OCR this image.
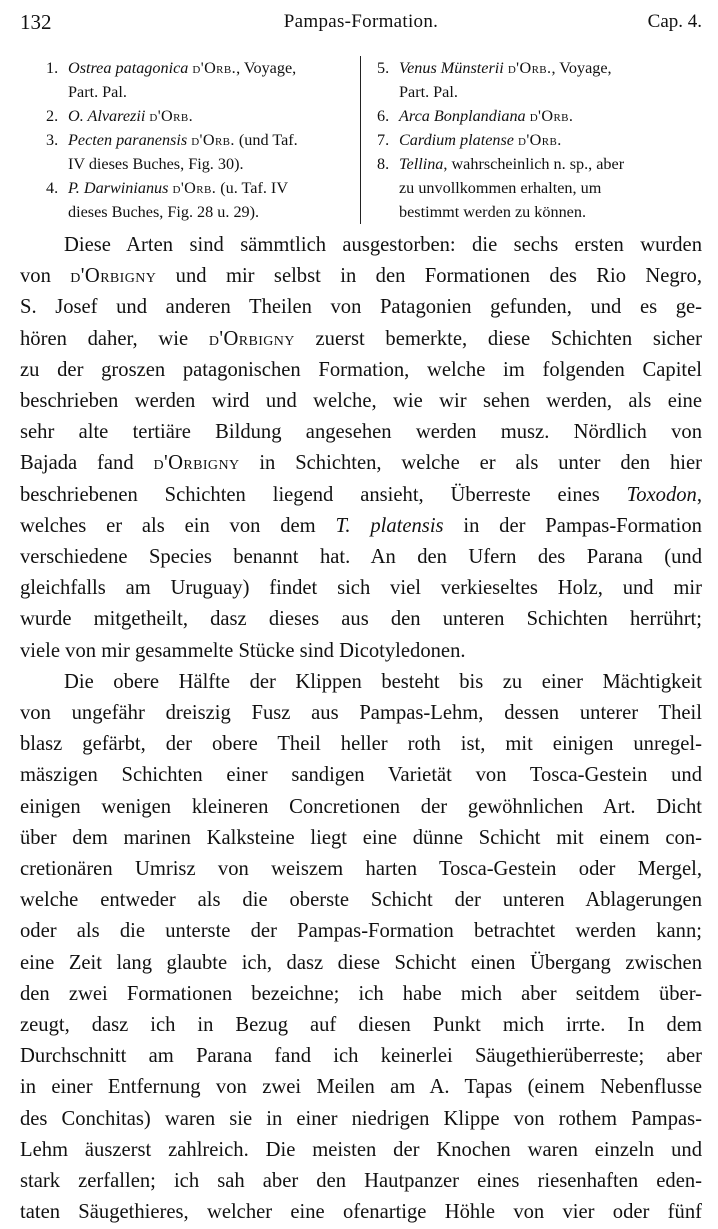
132	Pampas-Formation.	Cap. 4.
1. Ostrea patagonica d'Orb., Voyage,
Part. Pal.
2. O. Alvarezii d'Orb.
3. Pecten paranensis d'Orb. (und Taf.
IV dieses Buches, Fig. 30).
4. P. Darwinianus d'Orb. (u. Taf. IV
dieses Buches, Fig. 28 u. 29).
5. Venus Münsterii d'Orb., Voyage,
Part. Pal.
6. Arca Bonplandiana d'Orb.
7. Cardium platense d'Orb.
8. Tellina, wahrscheinlich n. sp., aber
zu unvollkommen erhalten, um
bestimmt werden zu können.
Diese Arten sind sämmtlich ausgestorben: die sechs ersten wurden
von d'Orbigny und mir selbst in den Formationen des Rio Negro,
S. Josef und anderen Theilen von Patagonien gefunden, und es ge-
hören daher, wie d'Orbigny zuerst bemerkte, diese Schichten sicher
zu der groszen patagonischen Formation, welche im folgenden Capitel
beschrieben werden wird und welche, wie wir sehen werden, als eine
sehr alte tertiäre Bildung angesehen werden musz. Nördlich von
Bajada fand d'Orbigny in Schichten, welche er als unter den hier
beschriebenen Schichten liegend ansieht, Überreste eines Toxodon,
welches er als ein von dem T. platensis in der Pampas-Formation
verschiedene Species benannt hat. An den Ufern des Parana (und
gleichfalls am Uruguay) findet sich viel verkieseltes Holz, und mir
wurde mitgetheilt, dasz dieses aus den unteren Schichten herrührt;
viele von mir gesammelte Stücke sind Dicotyledonen.
Die obere Hälfte der Klippen besteht bis zu einer Mächtigkeit
von ungefähr dreiszig Fusz aus Pampas-Lehm, dessen unterer Theil
blasz gefärbt, der obere Theil heller roth ist, mit einigen unregel-
mäszigen Schichten einer sandigen Varietät von Tosca-Gestein und
einigen wenigen kleineren Concretionen der gewöhnlichen Art. Dicht
über dem marinen Kalksteine liegt eine dünne Schicht mit einem con-
cretionären Umrisz von weiszem harten Tosca-Gestein oder Mergel,
welche entweder als die oberste Schicht der unteren Ablagerungen
oder als die unterste der Pampas-Formation betrachtet werden kann;
eine Zeit lang glaubte ich, dasz diese Schicht einen Übergang zwischen
den zwei Formationen bezeichne; ich habe mich aber seitdem über-
zeugt, dasz ich in Bezug auf diesen Punkt mich irrte. In dem
Durchschnitt am Parana fand ich keinerlei Säugethierüberreste; aber
in einer Entfernung von zwei Meilen am A. Tapas (einem Nebenflusse
des Conchitas) waren sie in einer niedrigen Klippe von rothem Pampas-
Lehm äuszerst zahlreich. Die meisten der Knochen waren einzeln und
stark zerfallen; ich sah aber den Hautpanzer eines riesenhaften eden-
taten Säugethieres, welcher eine ofenartige Höhle von vier oder fünf
